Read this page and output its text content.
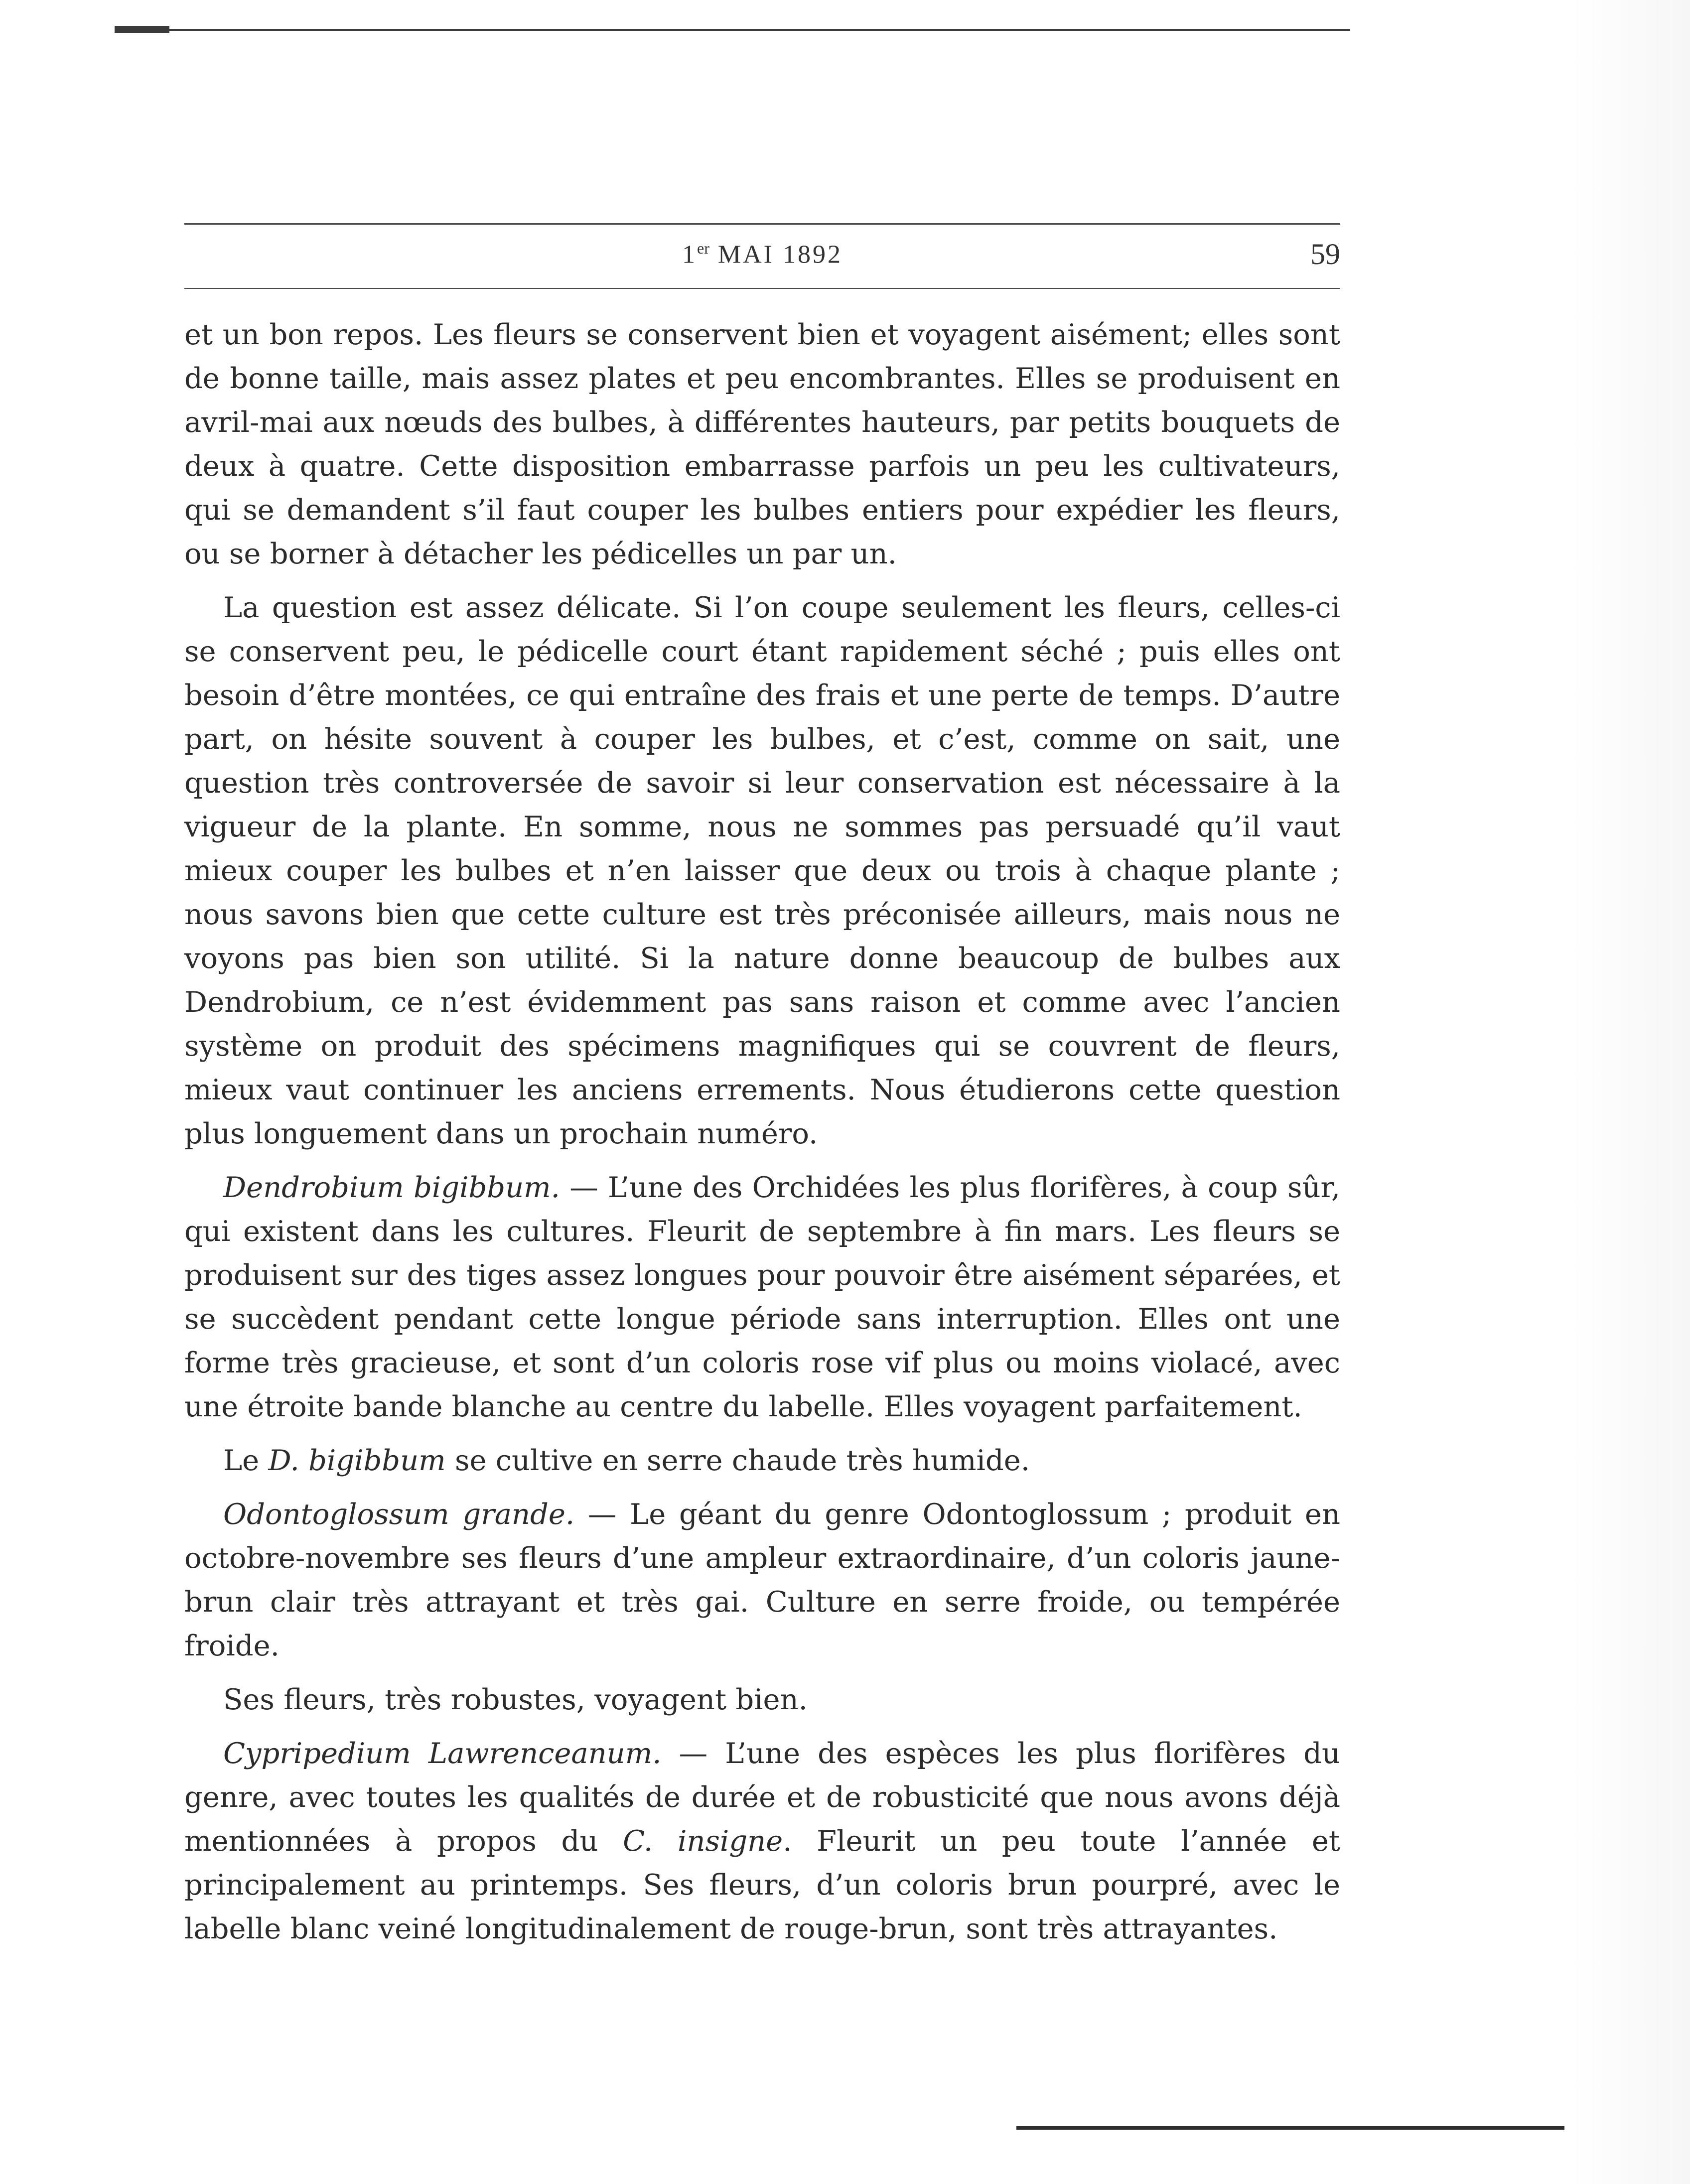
1er MAI 1892	59

et un bon repos. Les fleurs se conservent bien et voyagent aisément; elles sont de bonne taille, mais assez plates et peu encombrantes. Elles se produisent en avril-mai aux nœuds des bulbes, à différentes hauteurs, par petits bouquets de deux à quatre. Cette disposition embarrasse parfois un peu les cultivateurs, qui se demandent s’il faut couper les bulbes entiers pour expédier les fleurs, ou se borner à détacher les pédicelles un par un.

La question est assez délicate. Si l’on coupe seulement les fleurs, celles-ci se conservent peu, le pédicelle court étant rapidement séché ; puis elles ont besoin d’être montées, ce qui entraîne des frais et une perte de temps. D’autre part, on hésite souvent à couper les bulbes, et c’est, comme on sait, une question très controversée de savoir si leur conservation est nécessaire à la vigueur de la plante. En somme, nous ne sommes pas persuadé qu’il vaut mieux couper les bulbes et n’en laisser que deux ou trois à chaque plante ; nous savons bien que cette culture est très préconisée ailleurs, mais nous ne voyons pas bien son utilité. Si la nature donne beaucoup de bulbes aux Dendrobium, ce n’est évidemment pas sans raison et comme avec l’ancien système on produit des spécimens magnifiques qui se couvrent de fleurs, mieux vaut continuer les anciens errements. Nous étudierons cette question plus longuement dans un prochain numéro.

Dendrobium bigibbum. — L’une des Orchidées les plus florifères, à coup sûr, qui existent dans les cultures. Fleurit de septembre à fin mars. Les fleurs se produisent sur des tiges assez longues pour pouvoir être aisément séparées, et se succèdent pendant cette longue période sans interruption. Elles ont une forme très gracieuse, et sont d’un coloris rose vif plus ou moins violacé, avec une étroite bande blanche au centre du labelle. Elles voyagent parfaitement.

Le D. bigibbum se cultive en serre chaude très humide.

Odontoglossum grande. — Le géant du genre Odontoglossum ; produit en octobre-novembre ses fleurs d’une ampleur extraordinaire, d’un coloris jaune-brun clair très attrayant et très gai. Culture en serre froide, ou tempérée froide.

Ses fleurs, très robustes, voyagent bien.

Cypripedium Lawrenceanum. — L’une des espèces les plus florifères du genre, avec toutes les qualités de durée et de robusticité que nous avons déjà mentionnées à propos du C. insigne. Fleurit un peu toute l’année et principalement au printemps. Ses fleurs, d’un coloris brun pourpré, avec le labelle blanc veiné longitudinalement de rouge-brun, sont très attrayantes.
